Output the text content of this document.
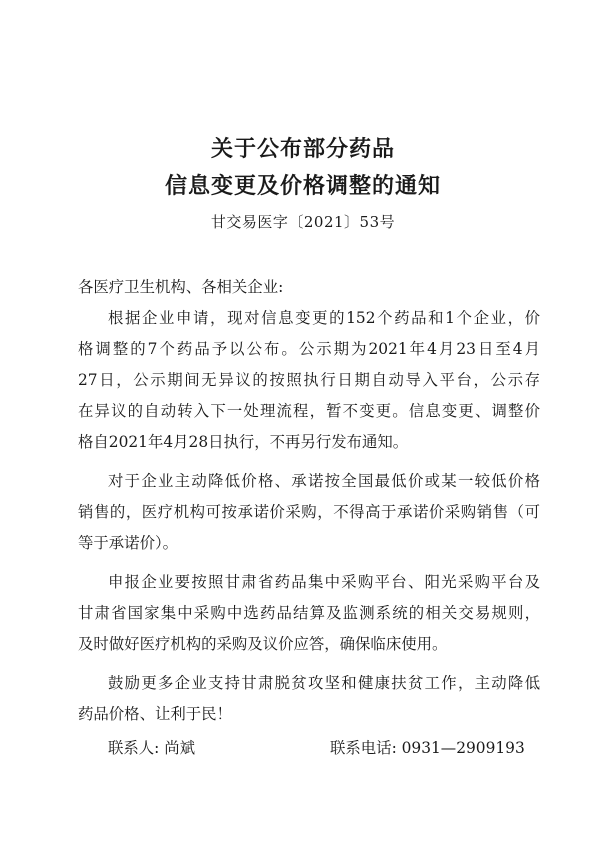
关于公布部分药品
信息变更及价格调整的通知
甘交易医字〔2021〕53号
各医疗卫生机构、各相关企业:
根据企业申请，现对信息变更的152个药品和1个企业，价
格调整的7个药品予以公布。公示期为2021年4月23日至4月
27日，公示期间无异议的按照执行日期自动导入平台，公示存
在异议的自动转入下一处理流程，暂不变更。信息变更、调整价
格自2021年4月28日执行，不再另行发布通知。
对于企业主动降低价格、承诺按全国最低价或某一较低价格
销售的，医疗机构可按承诺价采购，不得高于承诺价采购销售（可
等于承诺价）。
申报企业要按照甘肃省药品集中采购平台、阳光采购平台及
甘肃省国家集中采购中选药品结算及监测系统的相关交易规则，
及时做好医疗机构的采购及议价应答，确保临床使用。
鼓励更多企业支持甘肃脱贫攻坚和健康扶贫工作，主动降低
药品价格、让利于民！
联系人: 尚斌	联系电话: 0931—2909193
